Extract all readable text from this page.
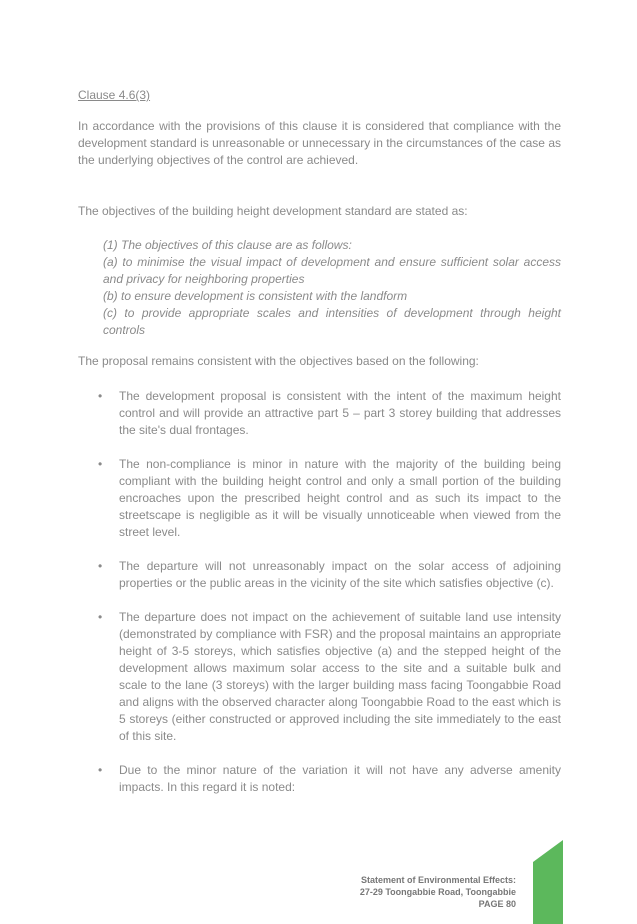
Clause 4.6(3)

In accordance with the provisions of this clause it is considered that compliance with the development standard is unreasonable or unnecessary in the circumstances of the case as the underlying objectives of the control are achieved.

The objectives of the building height development standard are stated as:

(1) The objectives of this clause are as follows:
(a) to minimise the visual impact of development and ensure sufficient solar access and privacy for neighboring properties
(b) to ensure development is consistent with the landform
(c) to provide appropriate scales and intensities of development through height controls

The proposal remains consistent with the objectives based on the following:

• The development proposal is consistent with the intent of the maximum height control and will provide an attractive part 5 – part 3 storey building that addresses the site's dual frontages.
• The non-compliance is minor in nature with the majority of the building being compliant with the building height control and only a small portion of the building encroaches upon the prescribed height control and as such its impact to the streetscape is negligible as it will be visually unnoticeable when viewed from the street level.
• The departure will not unreasonably impact on the solar access of adjoining properties or the public areas in the vicinity of the site which satisfies objective (c).
• The departure does not impact on the achievement of suitable land use intensity (demonstrated by compliance with FSR) and the proposal maintains an appropriate height of 3-5 storeys, which satisfies objective (a) and the stepped height of the development allows maximum solar access to the site and a suitable bulk and scale to the lane (3 storeys) with the larger building mass facing Toongabbie Road and aligns with the observed character along Toongabbie Road to the east which is 5 storeys (either constructed or approved including the site immediately to the east of this site.
• Due to the minor nature of the variation it will not have any adverse amenity impacts. In this regard it is noted:
Statement of Environmental Effects:
27-29 Toongabbie Road, Toongabbie
PAGE 80
